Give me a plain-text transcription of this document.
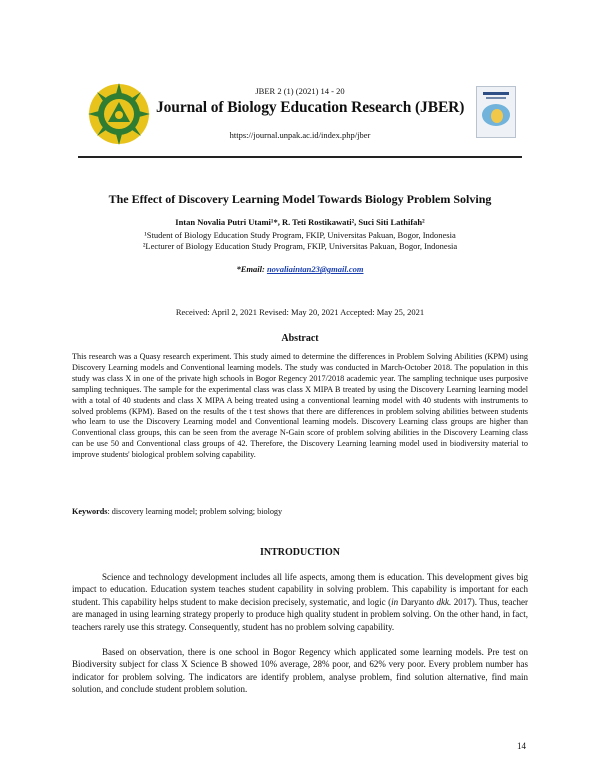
JBER 2 (1) (2021) 14 - 20
Journal of Biology Education Research (JBER)
https://journal.unpak.ac.id/index.php/jber
The Effect of Discovery Learning Model Towards Biology Problem Solving
Intan Novalia Putri Utami¹*, R. Teti Rostikawati², Suci Siti Lathifah²
¹Student of Biology Education Study Program, FKIP, Universitas Pakuan, Bogor, Indonesia
²Lecturer of Biology Education Study Program, FKIP, Universitas Pakuan, Bogor, Indonesia
*Email: novaliaintan23@gmail.com
Received: April 2, 2021 Revised: May 20, 2021 Accepted: May 25, 2021
Abstract
This research was a Quasy research experiment. This study aimed to determine the differences in Problem Solving Abilities (KPM) using Discovery Learning models and Conventional learning models. The study was conducted in March-October 2018. The population in this study was class X in one of the private high schools in Bogor Regency 2017/2018 academic year. The sampling technique uses purposive sampling techniques. The sample for the experimental class was class X MIPA B treated by using the Discovery Learning learning model with a total of 40 students and class X MIPA A being treated using a conventional learning model with 40 students with instruments to solved problems (KPM). Based on the results of the t test shows that there are differences in problem solving abilities between students who learn to use the Discovery Learning model and Conventional learning models. Discovery Learning class groups are higher than Conventional class groups, this can be seen from the average N-Gain score of problem solving abilities in the Discovery Learning class can be use 50 and Conventional class groups of 42. Therefore, the Discovery Learning learning model used in biodiversity material to improve students' biological problem solving capability.
Keywords: discovery learning model; problem solving; biology
INTRODUCTION
Science and technology development includes all life aspects, among them is education. This development gives big impact to education. Education system teaches student capability in solving problem. This capability is important for each student. This capability helps student to make decision precisely, systematic, and logic (in Daryanto dkk. 2017). Thus, teacher are managed in using learning strategy properly to produce high quality student in problem solving. On the other hand, in fact, teachers rarely use this strategy. Consequently, student has no problem solving capability.
Based on observation, there is one school in Bogor Regency which applicated some learning models. Pre test on Biodiversity subject for class X Science B showed 10% average, 28% poor, and 62% very poor. Every problem number has indicator for problem solving. The indicators are identify problem, analyse problem, find solution alternative, find main solution, and conclude student problem solution.
14
